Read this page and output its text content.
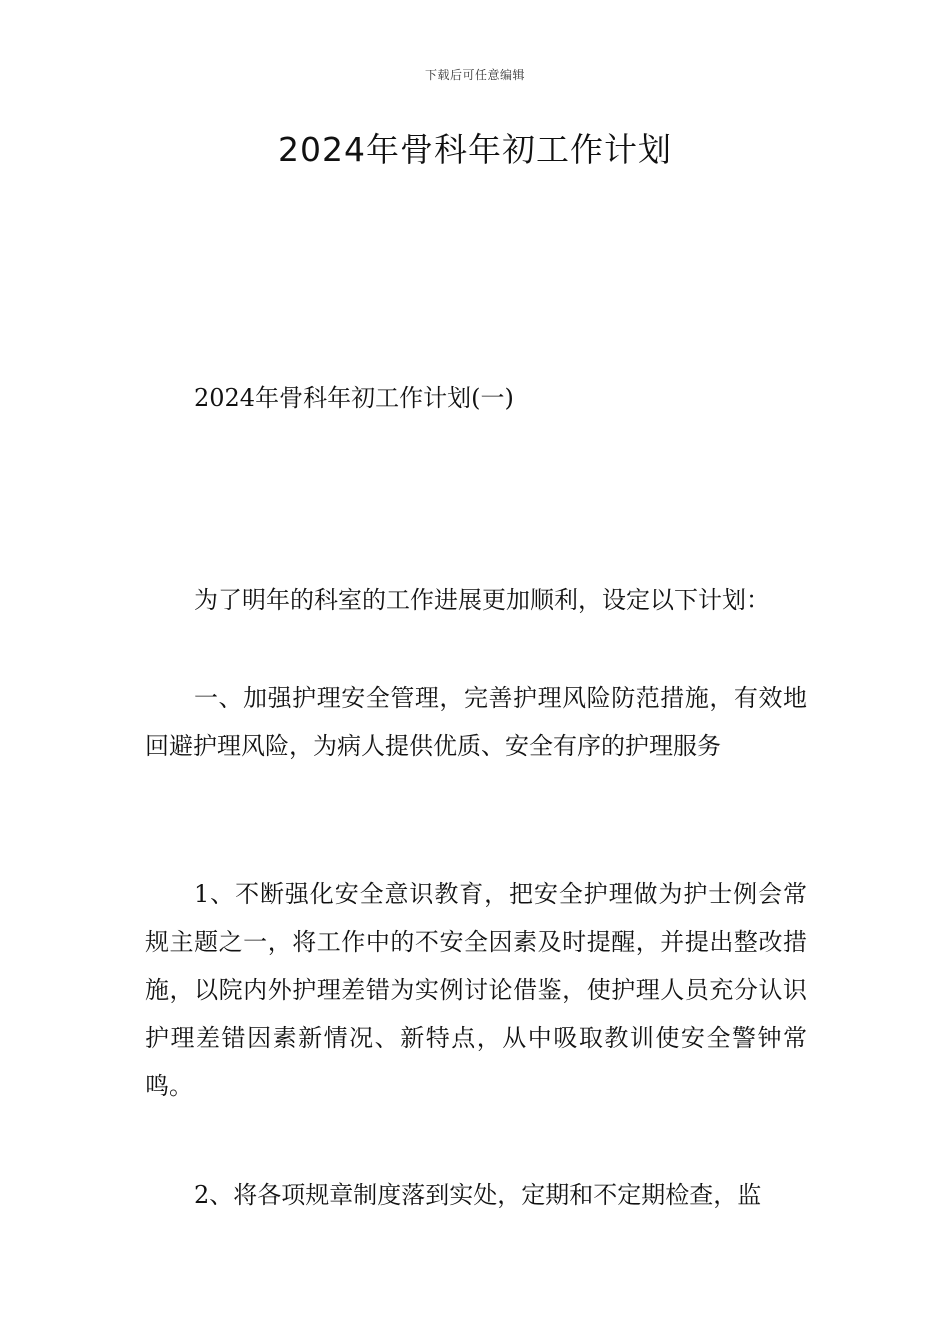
下载后可任意编辑
2024年骨科年初工作计划

2024年骨科年初工作计划(一)

为了明年的科室的工作进展更加顺利，设定以下计划：

一、加强护理安全管理，完善护理风险防范措施，有效地回避护理风险，为病人提供优质、安全有序的护理服务

1、不断强化安全意识教育，把安全护理做为护士例会常规主题之一，将工作中的不安全因素及时提醒，并提出整改措施，以院内外护理差错为实例讨论借鉴，使护理人员充分认识护理差错因素新情况、新特点，从中吸取教训使安全警钟常鸣。

2、将各项规章制度落到实处，定期和不定期检查，监
